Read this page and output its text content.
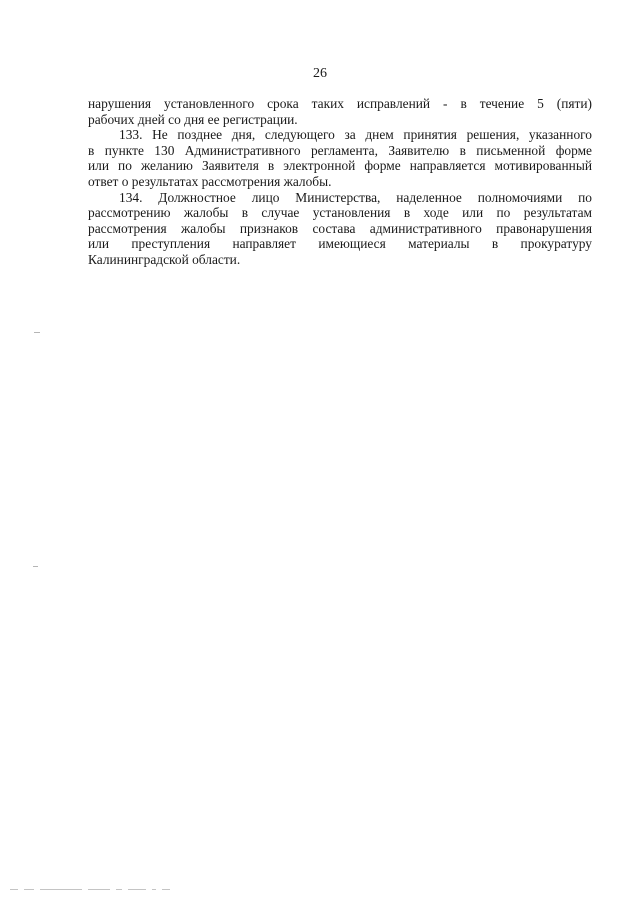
26

нарушения установленного срока таких исправлений - в течение 5 (пяти)
рабочих дней со дня ее регистрации.

133. Не позднее дня, следующего за днем принятия решения, указанного
в пункте 130 Административного регламента, Заявителю в письменной форме
или по желанию Заявителя в электронной форме направляется мотивированный
ответ о результатах рассмотрения жалобы.

134. Должностное лицо Министерства, наделенное полномочиями по
рассмотрению жалобы в случае установления в ходе или по результатам
рассмотрения жалобы признаков состава административного правонарушения
или преступления направляет имеющиеся материалы в прокуратуру
Калининградской области.
